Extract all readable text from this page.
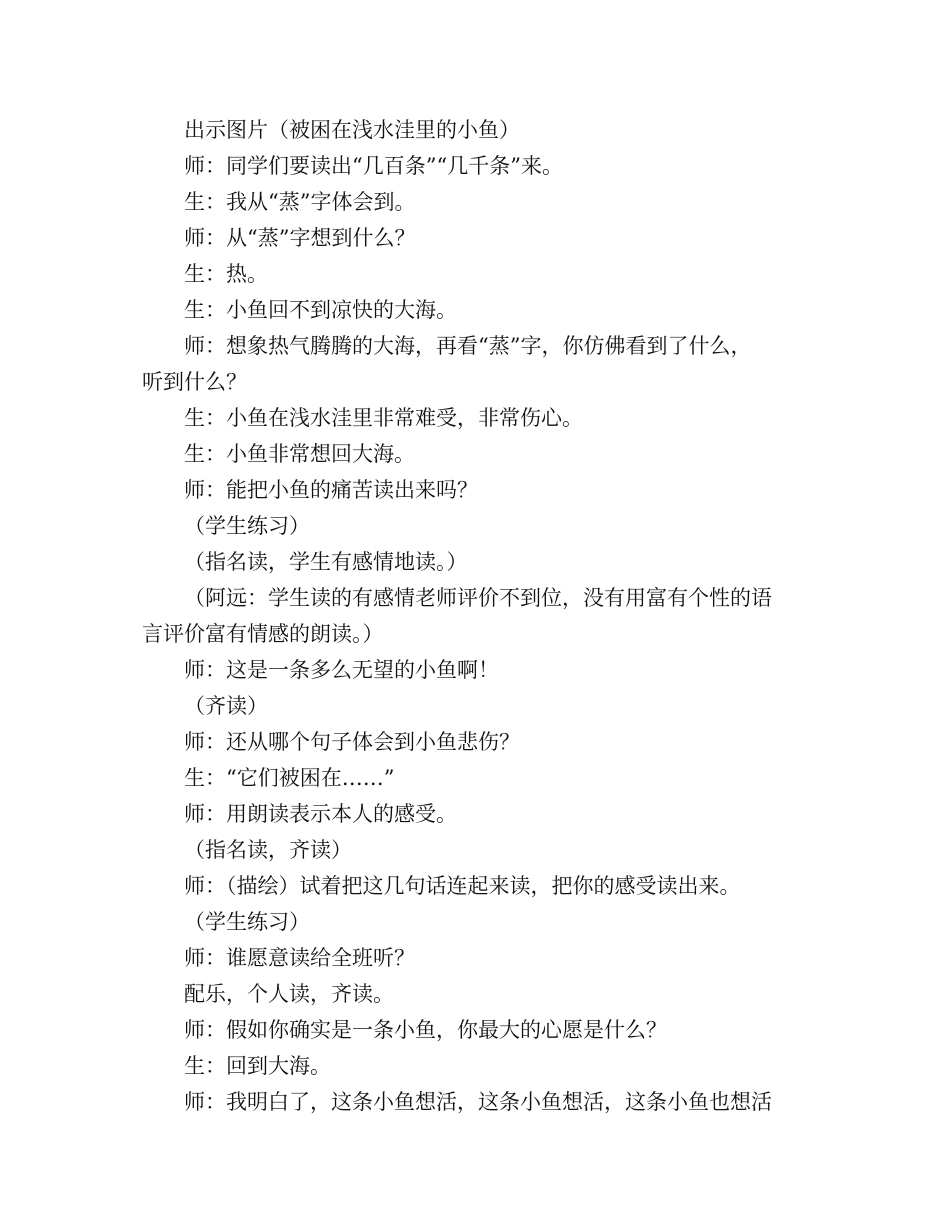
出示图片（被困在浅水洼里的小鱼）
师：同学们要读出“几百条”“几千条”来。
生：我从“蒸”字体会到。
师：从“蒸”字想到什么？
生：热。
生：小鱼回不到凉快的大海。
师：想象热气腾腾的大海，再看“蒸”字，你仿佛看到了什么，
听到什么？
生：小鱼在浅水洼里非常难受，非常伤心。
生：小鱼非常想回大海。
师：能把小鱼的痛苦读出来吗？
（学生练习）
（指名读，学生有感情地读。）
（阿远：学生读的有感情老师评价不到位，没有用富有个性的语
言评价富有情感的朗读。）
师：这是一条多么无望的小鱼啊！
（齐读）
师：还从哪个句子体会到小鱼悲伤？
生：“它们被困在……”
师：用朗读表示本人的感受。
（指名读，齐读）
师：（描绘）试着把这几句话连起来读，把你的感受读出来。
（学生练习）
师：谁愿意读给全班听？
配乐，个人读，齐读。
师：假如你确实是一条小鱼，你最大的心愿是什么？
生：回到大海。
师：我明白了，这条小鱼想活，这条小鱼想活，这条小鱼也想活
